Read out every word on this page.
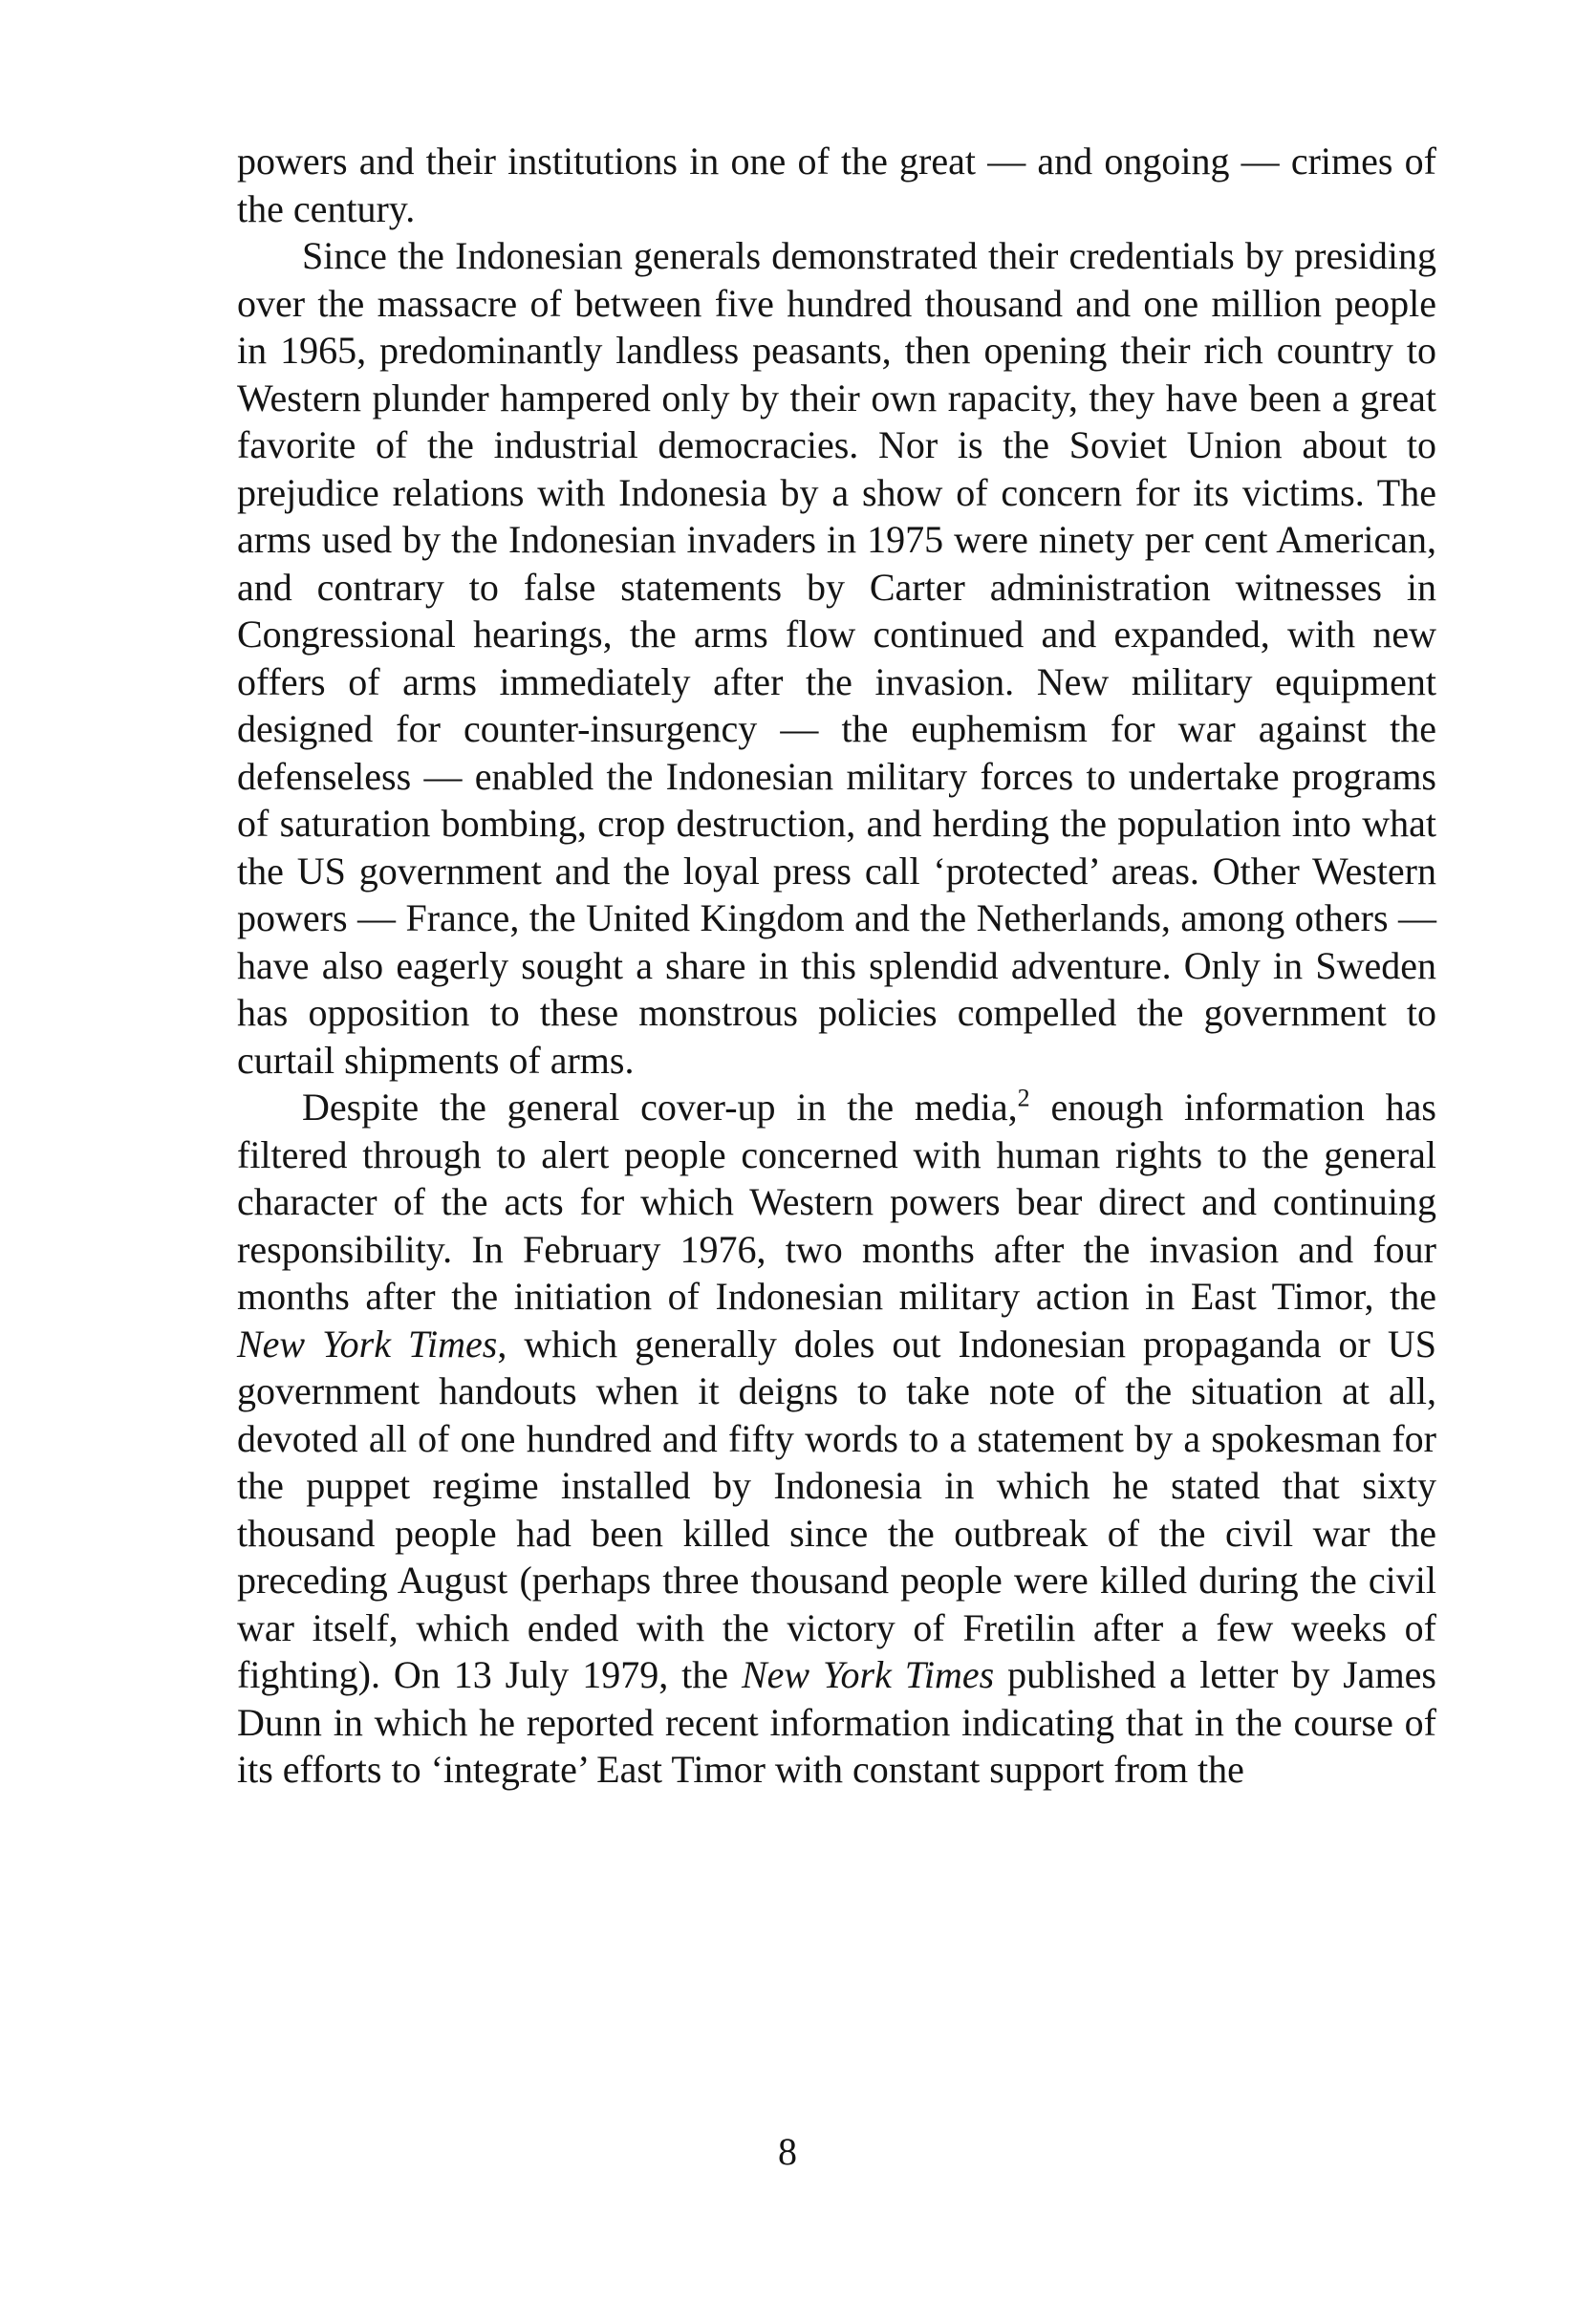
powers and their institutions in one of the great — and ongoing — crimes of the century.

Since the Indonesian generals demonstrated their credentials by presiding over the massacre of between five hundred thousand and one million people in 1965, predominantly landless peasants, then opening their rich country to Western plunder hampered only by their own rapacity, they have been a great favorite of the industrial democracies. Nor is the Soviet Union about to prejudice relations with Indonesia by a show of concern for its victims. The arms used by the Indonesian invaders in 1975 were ninety per cent American, and contrary to false statements by Carter administration witnesses in Congressional hearings, the arms flow continued and expanded, with new offers of arms immediately after the invasion. New military equipment designed for counter-insurgency — the euphemism for war against the defenseless — enabled the Indonesian military forces to undertake programs of saturation bombing, crop destruction, and herding the population into what the US government and the loyal press call ‘protected’ areas. Other Western powers — France, the United Kingdom and the Netherlands, among others — have also eagerly sought a share in this splendid adventure. Only in Sweden has opposition to these monstrous policies compelled the government to curtail shipments of arms.

Despite the general cover-up in the media,$^2$ enough information has filtered through to alert people concerned with human rights to the general character of the acts for which Western powers bear direct and continuing responsibility. In February 1976, two months after the invasion and four months after the initiation of Indonesian military action in East Timor, the New York Times, which generally doles out Indonesian propaganda or US government handouts when it deigns to take note of the situation at all, devoted all of one hundred and fifty words to a statement by a spokesman for the puppet regime installed by Indonesia in which he stated that sixty thousand people had been killed since the outbreak of the civil war the preceding August (perhaps three thousand people were killed during the civil war itself, which ended with the victory of Fretilin after a few weeks of fighting). On 13 July 1979, the New York Times published a letter by James Dunn in which he reported recent information indicating that in the course of its efforts to ‘integrate’ East Timor with constant support from the

8
